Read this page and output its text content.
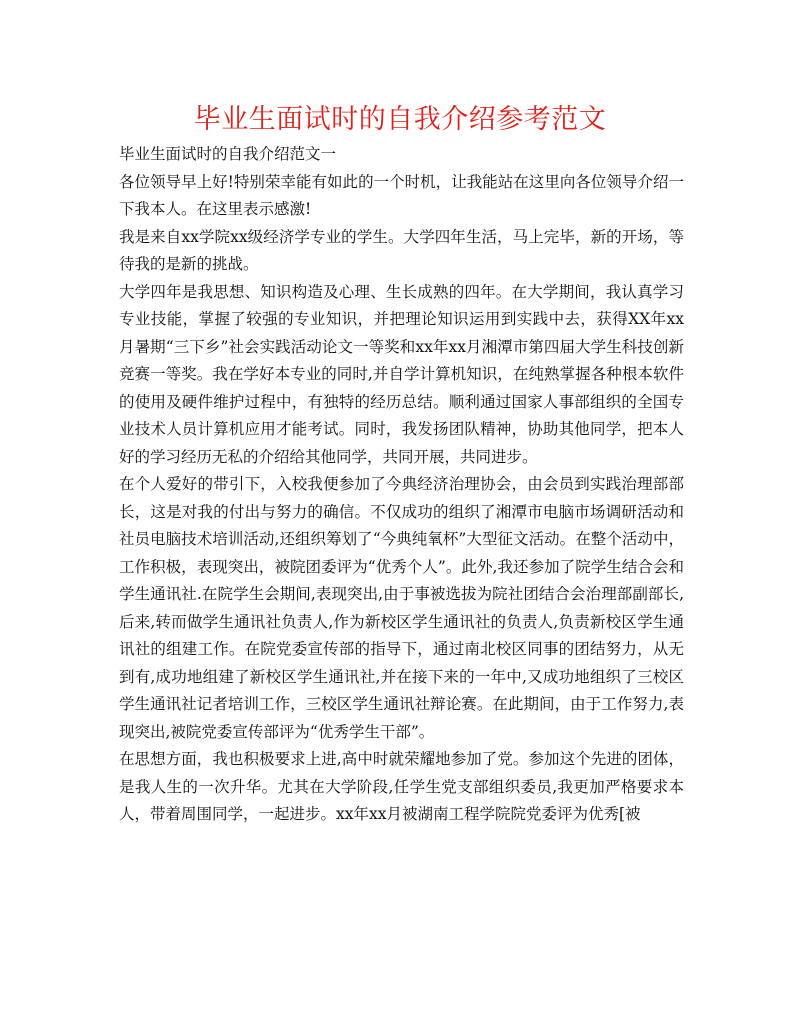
毕业生面试时的自我介绍参考范文

毕业生面试时的自我介绍范文一

各位领导早上好!特别荣幸能有如此的一个时机，让我能站在这里向各位领导介绍一下我本人。在这里表示感激!

我是来自xx学院xx级经济学专业的学生。大学四年生活，马上完毕，新的开场，等待我的是新的挑战。

大学四年是我思想、知识构造及心理、生长成熟的四年。在大学期间，我认真学习专业技能，掌握了较强的专业知识，并把理论知识运用到实践中去，获得XX年xx月暑期“三下乡”社会实践活动论文一等奖和xx年xx月湘潭市第四届大学生科技创新竞赛一等奖。我在学好本专业的同时,并自学计算机知识，在纯熟掌握各种根本软件的使用及硬件维护过程中，有独特的经历总结。顺利通过国家人事部组织的全国专业技术人员计算机应用才能考试。同时，我发扬团队精神，协助其他同学，把本人好的学习经历无私的介绍给其他同学，共同开展，共同进步。

在个人爱好的带引下，入校我便参加了今典经济治理协会，由会员到实践治理部部长，这是对我的付出与努力的确信。不仅成功的组织了湘潭市电脑市场调研活动和社员电脑技术培训活动,还组织筹划了“今典纯氧杯”大型征文活动。在整个活动中，工作积极，表现突出，被院团委评为“优秀个人”。此外,我还参加了院学生结合会和学生通讯社.在院学生会期间,表现突出,由于事被选拔为院社团结合会治理部副部长,后来,转而做学生通讯社负责人,作为新校区学生通讯社的负责人,负责新校区学生通讯社的组建工作。在院党委宣传部的指导下，通过南北校区同事的团结努力，从无到有,成功地组建了新校区学生通讯社,并在接下来的一年中,又成功地组织了三校区学生通讯社记者培训工作，三校区学生通讯社辩论赛。在此期间，由于工作努力,表现突出,被院党委宣传部评为“优秀学生干部”。

在思想方面，我也积极要求上进,高中时就荣耀地参加了党。参加这个先进的团体，是我人生的一次升华。尤其在大学阶段,任学生党支部组织委员,我更加严格要求本人，带着周围同学，一起进步。xx年xx月被湖南工程学院院党委评为优秀[被
